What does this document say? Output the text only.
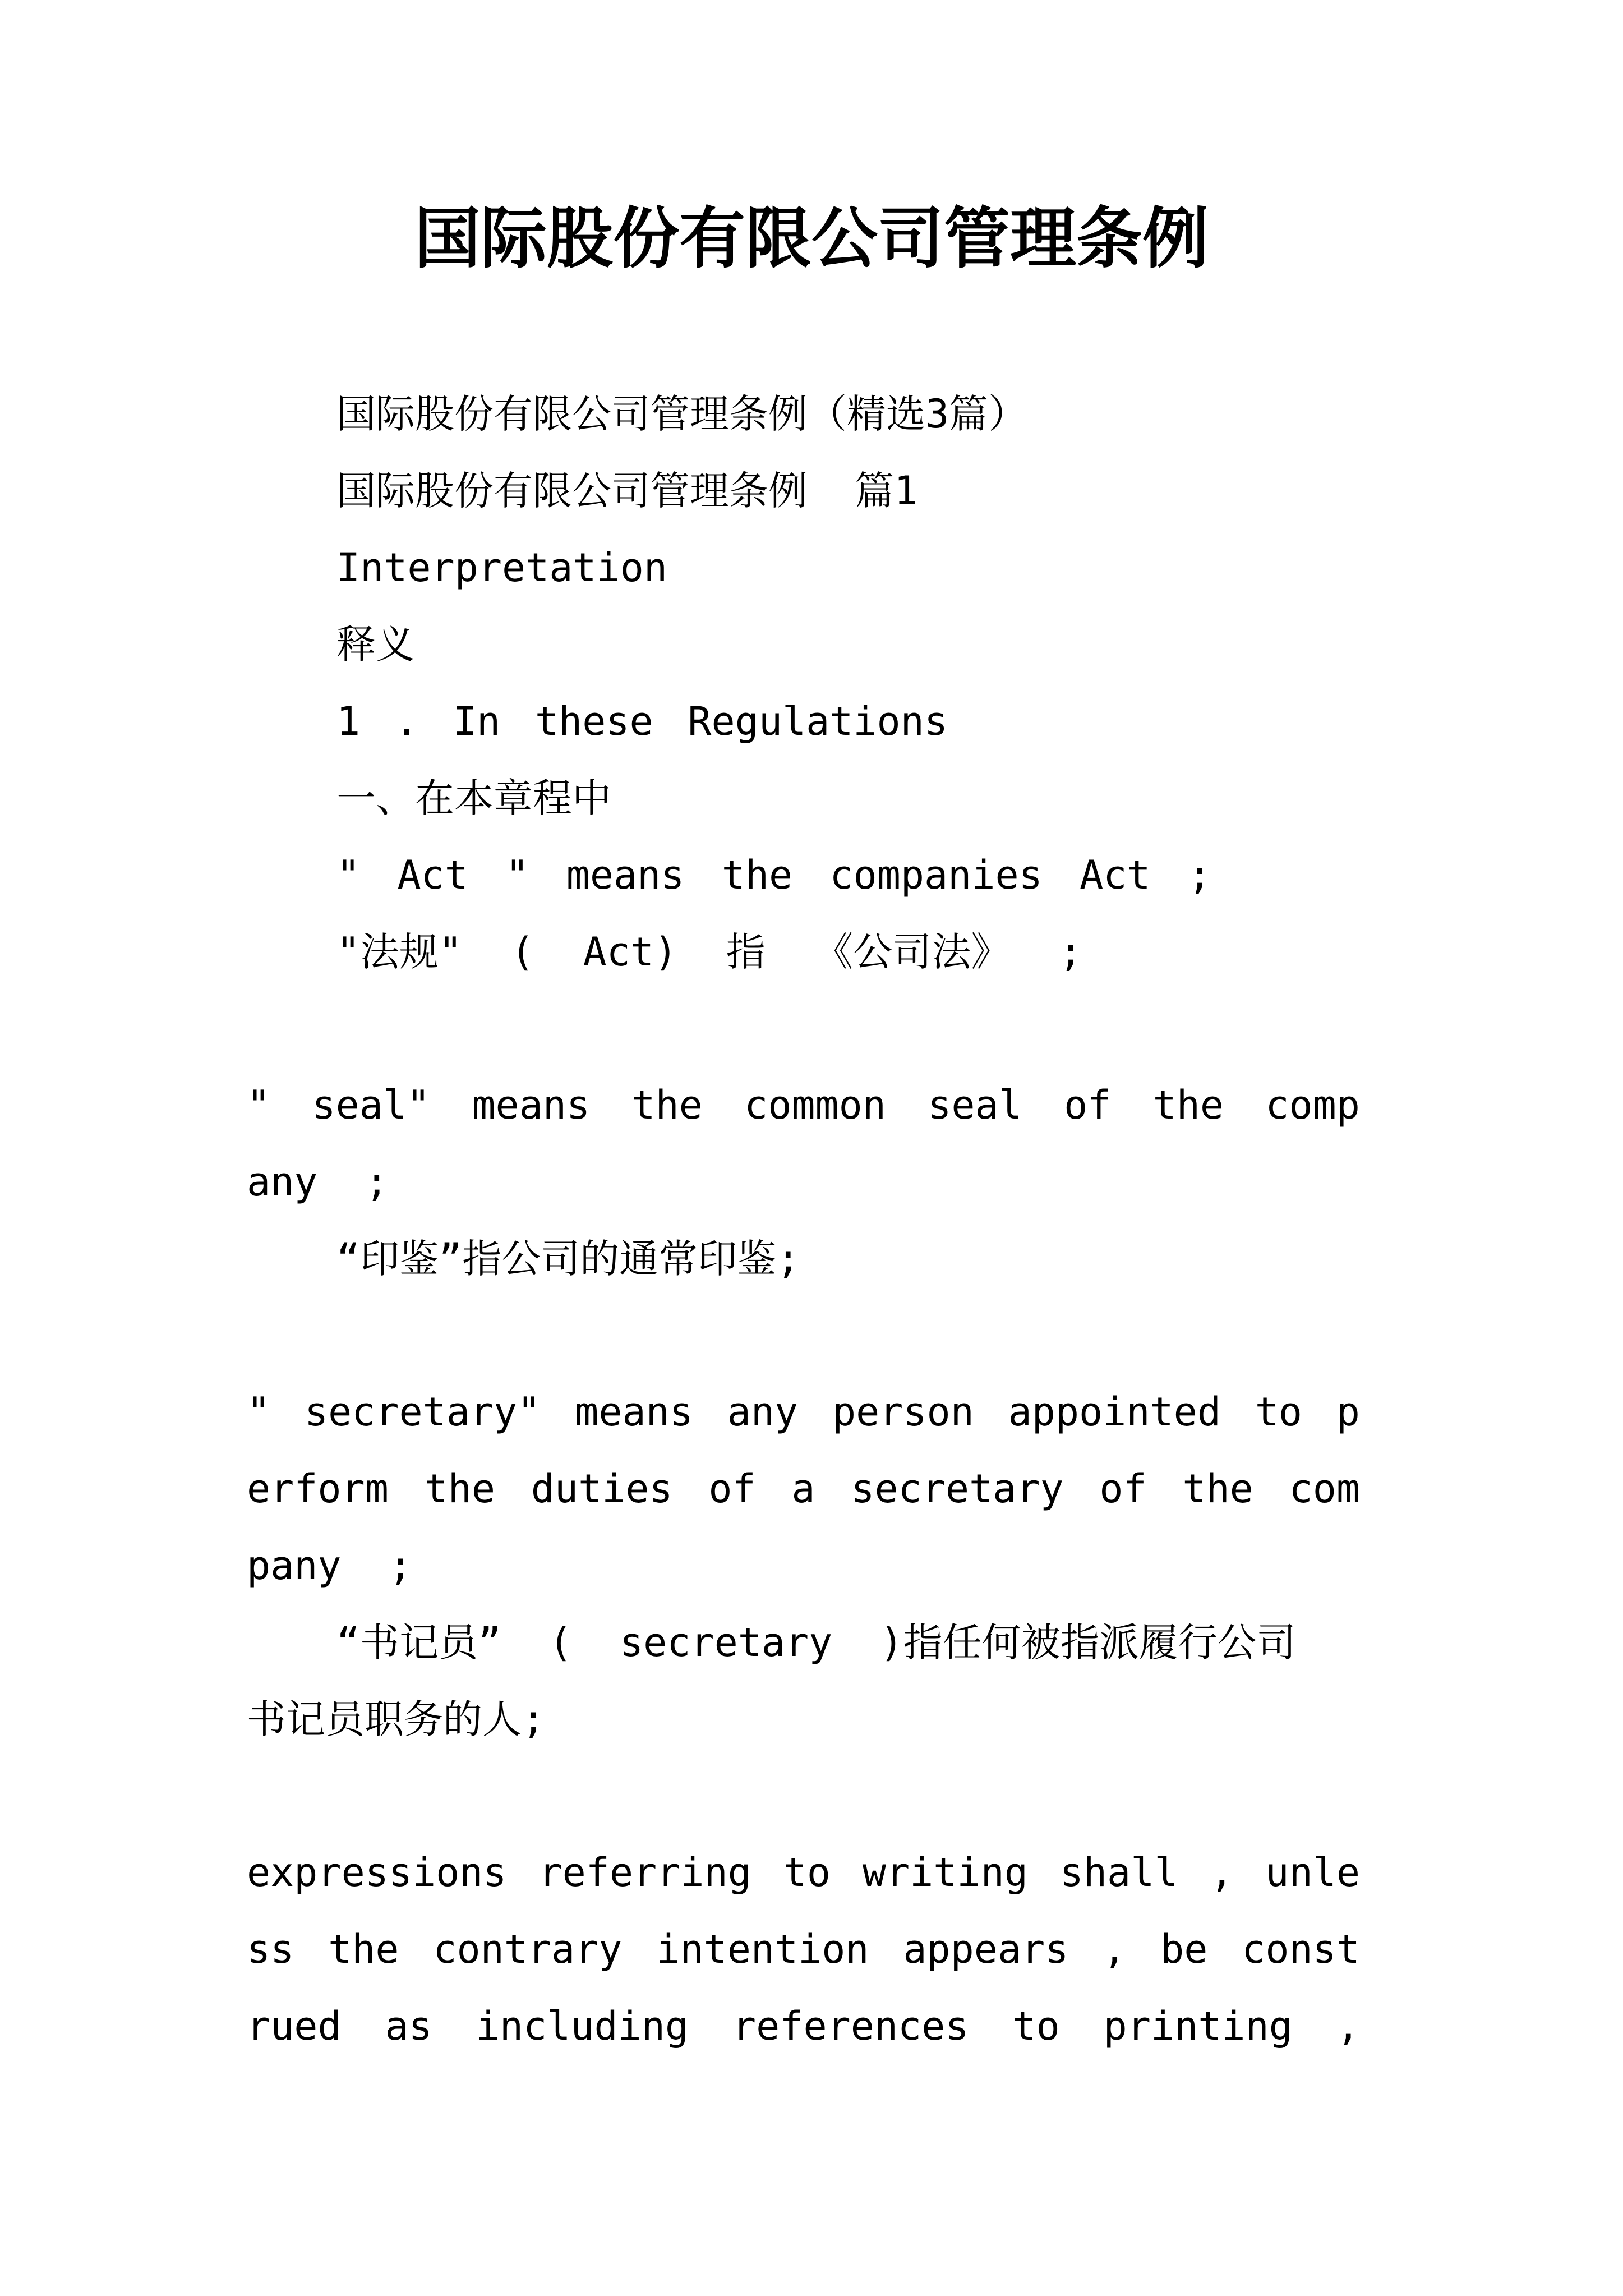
国际股份有限公司管理条例
国际股份有限公司管理条例（精选3篇）
国际股份有限公司管理条例  篇1
Interpretation
释义
1 . In these Regulations
一、在本章程中
" Act " means the companies Act ;
"法规" ( Act) 指 《公司法》 ;
" seal" means the common seal of the comp
any  ;
“印鉴”指公司的通常印鉴;
" secretary" means any person appointed to p
erform the duties of a secretary of the com
pany  ;
“书记员”  (  secretary  )指任何被指派履行公司
书记员职务的人;
expressions referring to writing shall , unle
ss the contrary intention appears , be const
rued as including references to printing ,
